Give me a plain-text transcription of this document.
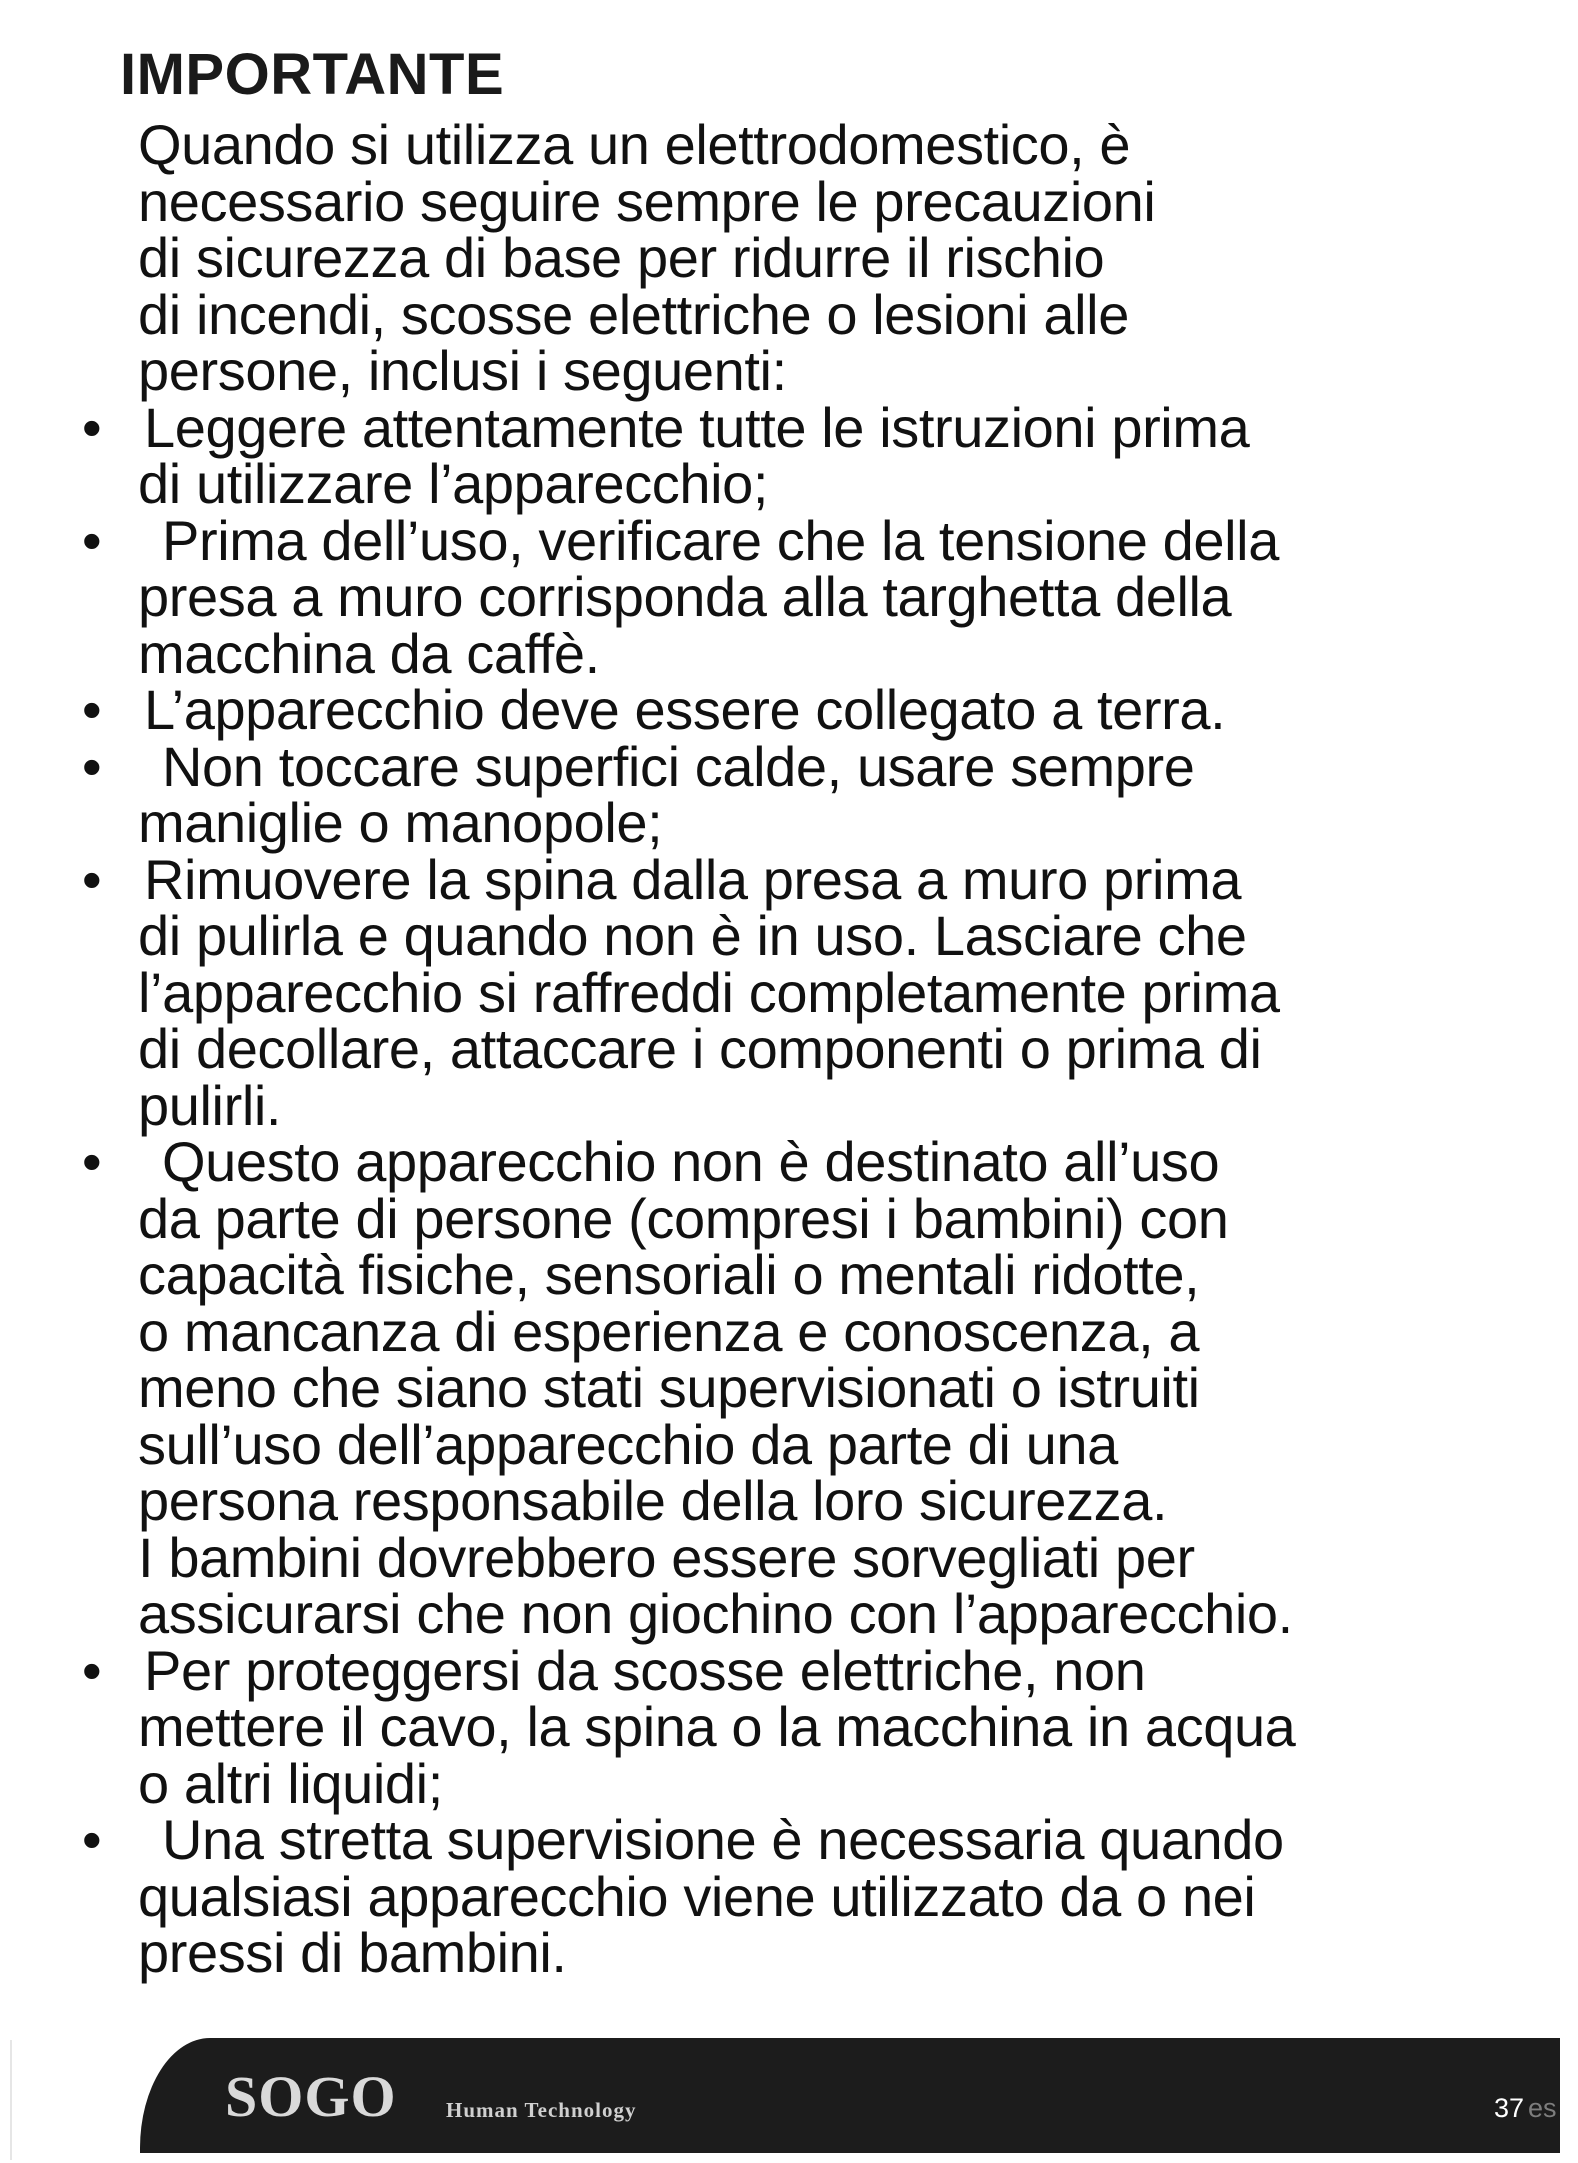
IMPORTANTE
Quando si utilizza un elettrodomestico, è
necessario seguire sempre le precauzioni
di sicurezza di base per ridurre il rischio
di incendi, scosse elettriche o lesioni alle
persone, inclusi i seguenti:
• Leggere attentamente tutte le istruzioni prima
di utilizzare l’apparecchio;
• Prima dell’uso, verificare che la tensione della
presa a muro corrisponda alla targhetta della
macchina da caffè.
• L’apparecchio deve essere collegato a terra.
• Non toccare superfici calde, usare sempre
maniglie o manopole;
• Rimuovere la spina dalla presa a muro prima
di pulirla e quando non è in uso. Lasciare che
l’apparecchio si raffreddi completamente prima
di decollare, attaccare i componenti o prima di
pulirli.
• Questo apparecchio non è destinato all’uso
da parte di persone (compresi i bambini) con
capacità fisiche, sensoriali o mentali ridotte,
o mancanza di esperienza e conoscenza, a
meno che siano stati supervisionati o istruiti
sull’uso dell’apparecchio da parte di una
persona responsabile della loro sicurezza.
I bambini dovrebbero essere sorvegliati per
assicurarsi che non giochino con l’apparecchio.
• Per proteggersi da scosse elettriche, non
mettere il cavo, la spina o la macchina in acqua
o altri liquidi;
• Una stretta supervisione è necessaria quando
qualsiasi apparecchio viene utilizzato da o nei
pressi di bambini.
SOGO Human Technology	37 es
